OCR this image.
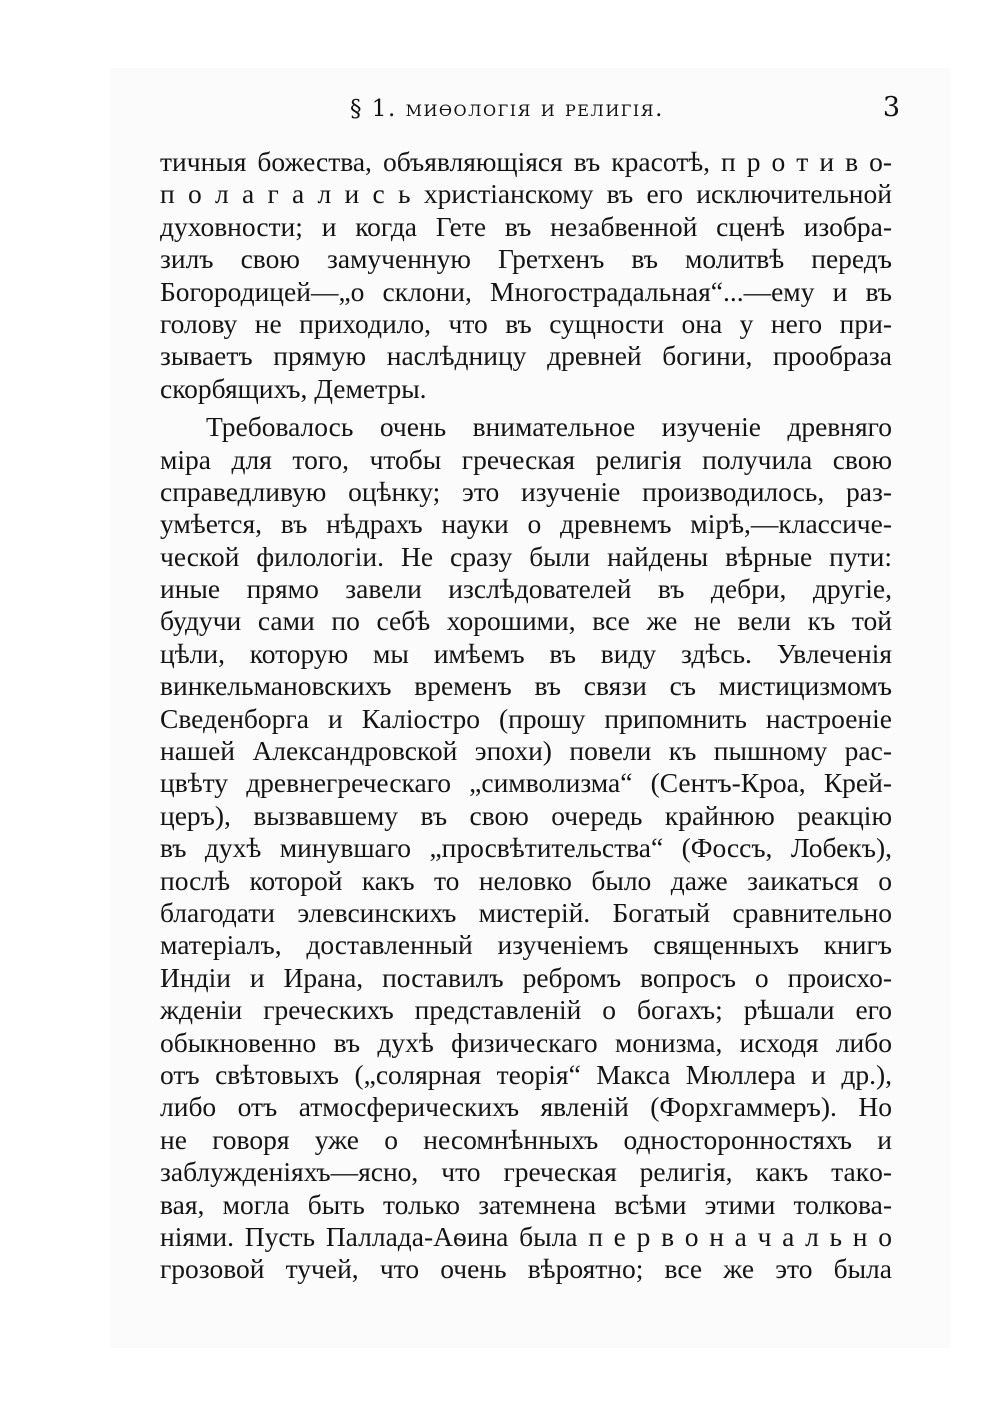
§ 1. миѳологія и религія.	3
тичныя божества, объявляющіяся въ красотѣ, п р о т и в о-
п о л а г а л и с ь христіанскому въ его исключительной
духовности; и когда Гете въ незабвенной сценѣ изобра-
зилъ свою замученную Гретхенъ въ молитвѣ передъ
Богородицей—„о склони, Многострадальная“...—ему и въ
голову не приходило, что въ сущности она у него при-
зываетъ прямую наслѣдницу древней богини, прообраза
скорбящихъ, Деметры.
Требовалось очень внимательное изученіе древняго
міра для того, чтобы греческая религія получила свою
справедливую оцѣнку; это изученіе производилось, раз-
умѣется, въ нѣдрахъ науки о древнемъ мірѣ,—классиче-
ческой филологіи. Не сразу были найдены вѣрные пути:
иные прямо завели изслѣдователей въ дебри, другіе,
будучи сами по себѣ хорошими, все же не вели къ той
цѣли, которую мы имѣемъ въ виду здѣсь. Увлеченія
винкельмановскихъ временъ въ связи съ мистицизмомъ
Сведенборга и Каліостро (прошу припомнить настроеніе
нашей Александровской эпохи) повели къ пышному рас-
цвѣту древнегреческаго „символизма“ (Сентъ-Кроа, Крей-
церъ), вызвавшему въ свою очередь крайнюю реакцію
въ духѣ минувшаго „просвѣтительства“ (Фоссъ, Лобекъ),
послѣ которой какъ то неловко было даже заикаться о
благодати элевсинскихъ мистерій. Богатый сравнительно
матеріалъ, доставленный изученіемъ священныхъ книгъ
Индіи и Ирана, поставилъ ребромъ вопросъ о происхо-
жденіи греческихъ представленій о богахъ; рѣшали его
обыкновенно въ духѣ физическаго монизма, исходя либо
отъ свѣтовыхъ („солярная теорія“ Макса Мюллера и др.),
либо отъ атмосферическихъ явленій (Форхгаммеръ). Но
не говоря уже о несомнѣнныхъ односторонностяхъ и
заблужденіяхъ—ясно, что греческая религія, какъ такo-
вая, могла быть только затемнена всѣми этими толкова-
ніями. Пусть Паллада-Аѳина была п е р в о н а ч а л ь н о
грозовой тучей, что очень вѣроятно; все же это была
